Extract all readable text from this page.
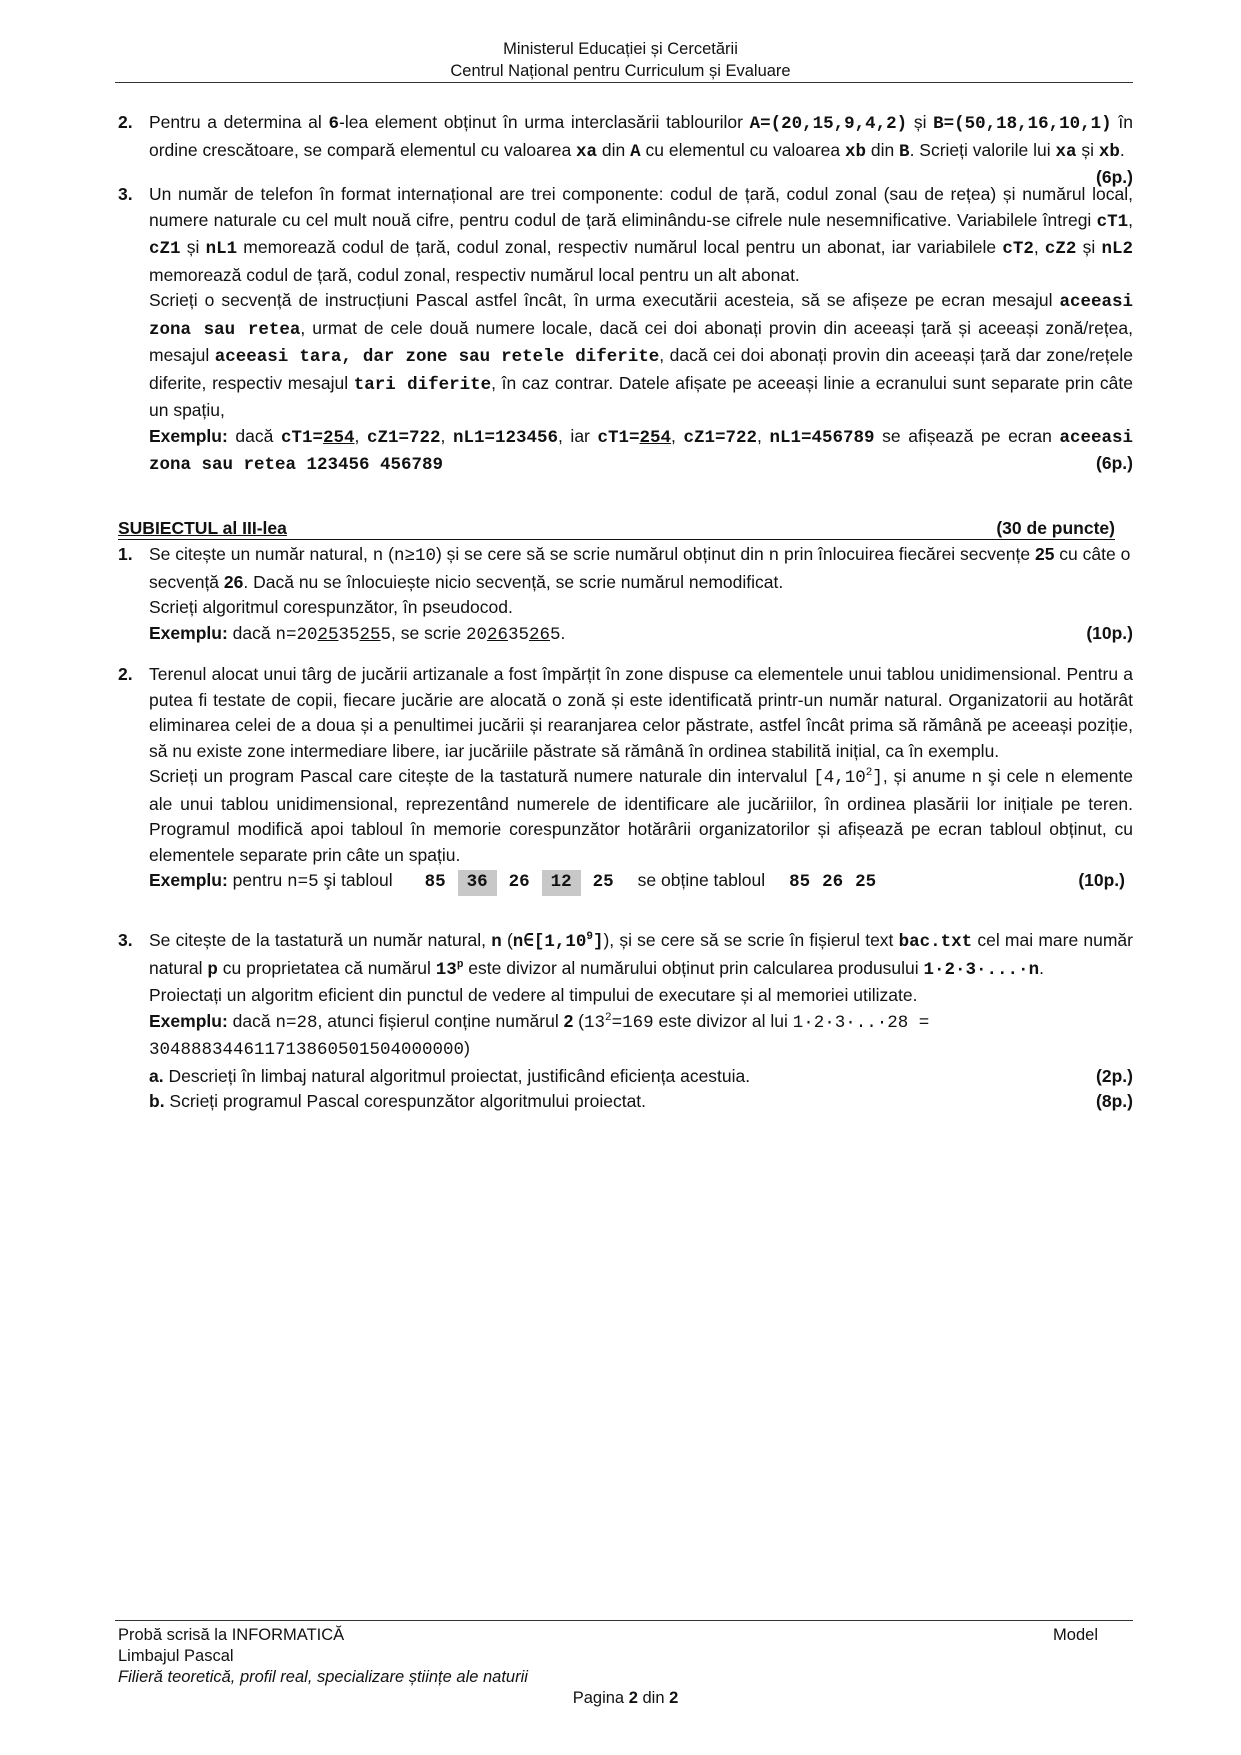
Ministerul Educației și Cercetării
Centrul Național pentru Curriculum și Evaluare
2. Pentru a determina al 6-lea element obținut în urma interclasării tablourilor A=(20,15,9,4,2) și B=(50,18,16,10,1) în ordine crescătoare, se compară elementul cu valoarea xa din A cu elementul cu valoarea xb din B. Scrieți valorile lui xa și xb.
(6p.)
3. Un număr de telefon în format internațional are trei componente: codul de țară, codul zonal (sau de rețea) și numărul local, numere naturale cu cel mult nouă cifre, pentru codul de țară eliminându-se cifrele nule nesemnificative. Variabilele întregi cT1, cZ1 și nL1 memorează codul de țară, codul zonal, respectiv numărul local pentru un abonat, iar variabilele cT2, cZ2 și nL2 memorează codul de țară, codul zonal, respectiv numărul local pentru un alt abonat.
Scrieți o secvență de instrucțiuni Pascal astfel încât, în urma executării acesteia, să se afișeze pe ecran mesajul aceeasi zona sau retea, urmat de cele două numere locale, dacă cei doi abonați provin din aceeași țară și aceeași zonă/rețea, mesajul aceeasi tara, dar zone sau retele diferite, dacă cei doi abonați provin din aceeași țară dar zone/rețele diferite, respectiv mesajul tari diferite, în caz contrar. Datele afișate pe aceeași linie a ecranului sunt separate prin câte un spațiu,
Exemplu: dacă cT1=254, cZ1=722, nL1=123456, iar cT1=254, cZ1=722, nL1=456789 se afișează pe ecran aceeasi zona sau retea 123456 456789	(6p.)
SUBIECTUL al III-lea	(30 de puncte)
1. Se citește un număr natural, n (n≥10) și se cere să se scrie numărul obținut din n prin înlocuirea fiecărei secvențe 25 cu câte o secvență 26. Dacă nu se înlocuiește nicio secvență, se scrie numărul nemodificat.
Scrieți algoritmul corespunzător, în pseudocod.
Exemplu: dacă n=202535255, se scrie 202635265.	(10p.)
2. Terenul alocat unui târg de jucării artizanale a fost împărțit în zone dispuse ca elementele unui tablou unidimensional. Pentru a putea fi testate de copii, fiecare jucărie are alocată o zonă și este identificată printr-un număr natural. Organizatorii au hotărât eliminarea celei de a doua și a penultimei jucării și rearanjarea celor păstrate, astfel încât prima să rămână pe aceeași poziție, să nu existe zone intermediare libere, iar jucăriile păstrate să rămână în ordinea stabilită inițial, ca în exemplu.
Scrieți un program Pascal care citește de la tastatură numere naturale din intervalul [4,10$^2$], și anume n şi cele n elemente ale unui tablou unidimensional, reprezentând numerele de identificare ale jucăriilor, în ordinea plasării lor inițiale pe teren. Programul modifică apoi tabloul în memorie corespunzător hotărârii organizatorilor și afișează pe ecran tabloul obținut, cu elementele separate prin câte un spațiu.
Exemplu: pentru n=5 şi tabloul 85 36 26 12 25 se obține tabloul 85 26 25	(10p.)
3. Se citește de la tastatură un număr natural, n (n∈[1,10$^9$]), și se cere să se scrie în fișierul text bac.txt cel mai mare număr natural p cu proprietatea că numărul 13$^p$ este divizor al numărului obținut prin calcularea produsului 1·2·3·...·n.
Proiectați un algoritm eficient din punctul de vedere al timpului de executare și al memoriei utilizate.
Exemplu: dacă n=28, atunci fișierul conține numărul 2 ($13^2=169$ este divizor al lui 1·2·3·..·28 = 304888344611713860501504000000)
a. Descrieți în limbaj natural algoritmul proiectat, justificând eficiența acestuia.	(2p.)
b. Scrieți programul Pascal corespunzător algoritmului proiectat.	(8p.)
Probă scrisă la INFORMATICĂ	Model
Limbajul Pascal
Filieră teoretică, profil real, specializare științe ale naturii
Pagina 2 din 2
